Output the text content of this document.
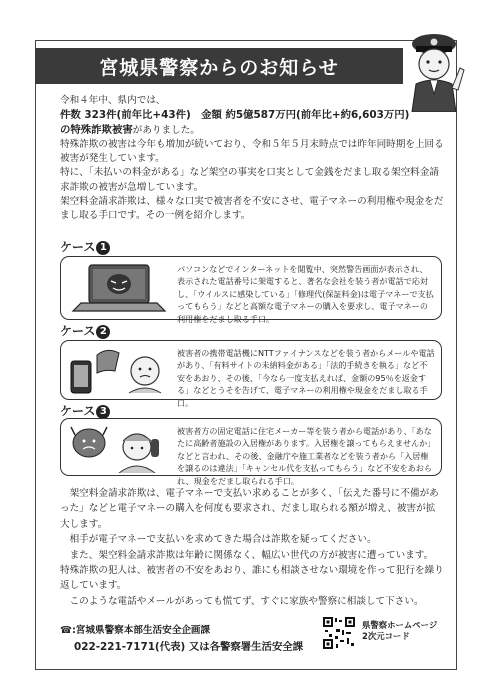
宮城県警察からのお知らせ

令和４年中、県内では、

件数 323件(前年比+43件)　金額 約5億587万円(前年比+約6,603万円)

の特殊詐欺被害がありました。

特殊詐欺の被害は今年も増加が続いており、令和５年５月末時点では昨年同時期を上回る被害が発生しています。

特に、「未払いの料金がある」など架空の事実を口実として金銭をだまし取る架空料金請求詐欺の被害が急増しています。

架空料金請求詐欺は、様々な口実で被害者を不安にさせ、電子マネーの利用権や現金をだまし取る手口です。その一例を紹介します。

ケース 1
パソコンなどでインターネットを閲覧中、突然警告画面が表示され、表示された電話番号に架電すると、著名な会社を装う者が電話で応対し、「ウイルスに感染している」「修理代(保証料金)は電子マネーで支払ってもらう」などと高額な電子マネーの購入を要求し、電子マネーの利用権をだまし取る手口。
ケース 2
被害者の携帯電話機にNTTファイナンスなどを装う者からメールや電話があり、「有料サイトの未納料金がある」「法的手続きを執る」など不安をあおり、その後、「今なら一度支払えれば、金額の95％を返金する」などとうそを告げて、電子マネーの利用権や現金をだまし取る手口。
ケース 3
被害者方の固定電話に住宅メーカー等を装う者から電話があり、「あなたに高齢者施設の入居権があります。入居権を譲ってもらえませんか」などと言われ、その後、金融庁や施工業者などを装う者から「入居権を譲るのは違法」「キャンセル代を支払ってもらう」など不安をあおられ、現金をだまし取られる手口。

架空料金請求詐欺は、電子マネーで支払い求めることが多く、「伝えた番号に不備があった」などと電子マネーの購入を何度も要求され、だまし取られる額が増え、被害が拡大します。

相手が電子マネーで支払いを求めてきた場合は詐欺を疑ってください。

また、架空料金請求詐欺は年齢に関係なく、幅広い世代の方が被害に遭っています。

特殊詐欺の犯人は、被害者の不安をあおり、誰にも相談させない環境を作って犯行を繰り返しています。

このような電話やメールがあっても慌てず、すぐに家族や警察に相談して下さい。

☎:宮城県警察本部生活安全企画課
022-221-7171(代表) 又は各警察署生活安全課
県警察ホームページ
2次元コード
